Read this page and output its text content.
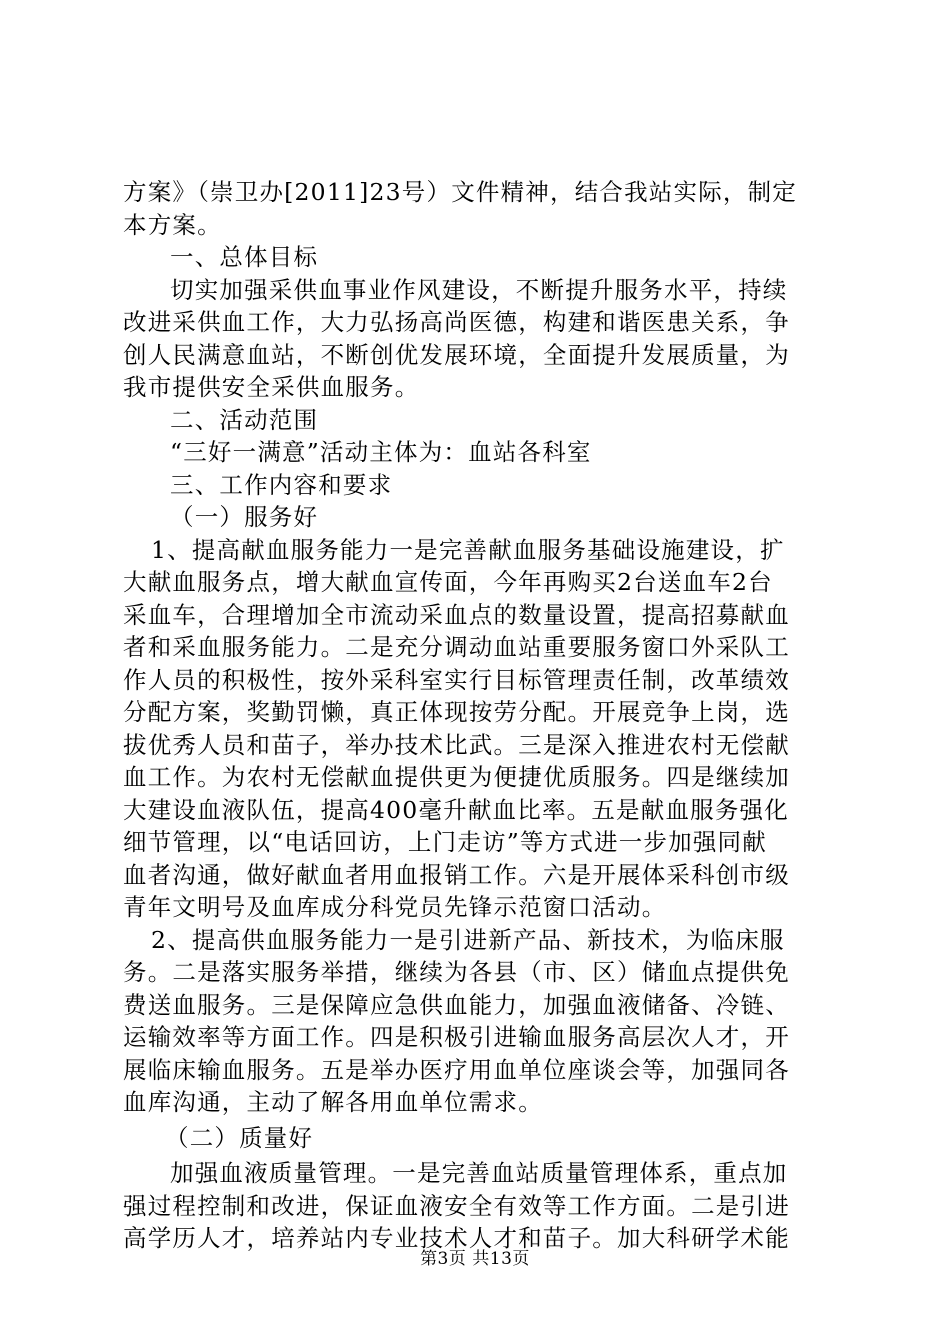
方案》（崇卫办[2011]23号）文件精神，结合我站实际，制定
本方案。
一、总体目标
切实加强采供血事业作风建设，不断提升服务水平，持续
改进采供血工作，大力弘扬高尚医德，构建和谐医患关系，争
创人民满意血站，不断创优发展环境，全面提升发展质量，为
我市提供安全采供血服务。
二、活动范围
“三好一满意”活动主体为：血站各科室
三、工作内容和要求
（一）服务好
1、提高献血服务能力一是完善献血服务基础设施建设，扩
大献血服务点，增大献血宣传面，今年再购买2台送血车2台
采血车，合理增加全市流动采血点的数量设置，提高招募献血
者和采血服务能力。二是充分调动血站重要服务窗口外采队工
作人员的积极性，按外采科室实行目标管理责任制，改革绩效
分配方案，奖勤罚懒，真正体现按劳分配。开展竞争上岗，选
拔优秀人员和苗子，举办技术比武。三是深入推进农村无偿献
血工作。为农村无偿献血提供更为便捷优质服务。四是继续加
大建设血液队伍，提高400毫升献血比率。五是献血服务强化
细节管理，以“电话回访，上门走访”等方式进一步加强同献
血者沟通，做好献血者用血报销工作。六是开展体采科创市级
青年文明号及血库成分科党员先锋示范窗口活动。
2、提高供血服务能力一是引进新产品、新技术，为临床服
务。二是落实服务举措，继续为各县（市、区）储血点提供免
费送血服务。三是保障应急供血能力，加强血液储备、冷链、
运输效率等方面工作。四是积极引进输血服务高层次人才，开
展临床输血服务。五是举办医疗用血单位座谈会等，加强同各
血库沟通，主动了解各用血单位需求。
（二）质量好
加强血液质量管理。一是完善血站质量管理体系，重点加
强过程控制和改进，保证血液安全有效等工作方面。二是引进
高学历人才，培养站内专业技术人才和苗子。加大科研学术能
第3页 共13页
